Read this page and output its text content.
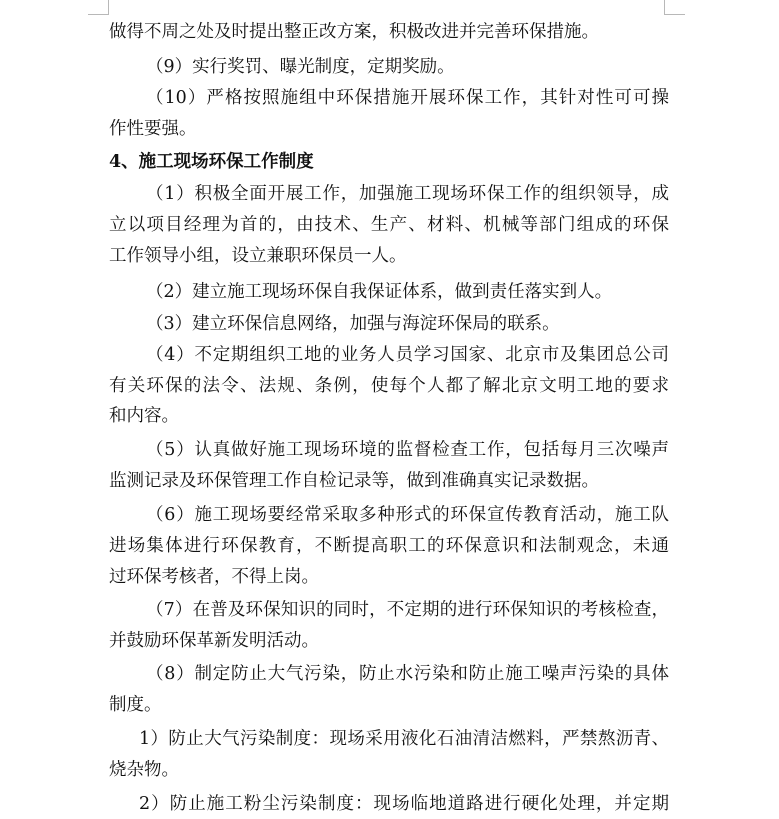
做得不周之处及时提出整正改方案，积极改进并完善环保措施。
（9）实行奖罚、曝光制度，定期奖励。
（10）严格按照施组中环保措施开展环保工作，其针对性可可操
作性要强。
4、施工现场环保工作制度
（1）积极全面开展工作，加强施工现场环保工作的组织领导，成
立以项目经理为首的，由技术、生产、材料、机械等部门组成的环保
工作领导小组，设立兼职环保员一人。
（2）建立施工现场环保自我保证体系，做到责任落实到人。
（3）建立环保信息网络，加强与海淀环保局的联系。
（4）不定期组织工地的业务人员学习国家、北京市及集团总公司
有关环保的法令、法规、条例，使每个人都了解北京文明工地的要求
和内容。
（5）认真做好施工现场环境的监督检查工作，包括每月三次噪声
监测记录及环保管理工作自检记录等，做到准确真实记录数据。
（6）施工现场要经常采取多种形式的环保宣传教育活动，施工队
进场集体进行环保教育，不断提高职工的环保意识和法制观念，未通
过环保考核者，不得上岗。
（7）在普及环保知识的同时，不定期的进行环保知识的考核检查，
并鼓励环保革新发明活动。
（8）制定防止大气污染，防止水污染和防止施工噪声污染的具体
制度。
1）防止大气污染制度：现场采用液化石油清洁燃料，严禁熬沥青、
烧杂物。
2）防止施工粉尘污染制度：现场临地道路进行硬化处理，并定期
